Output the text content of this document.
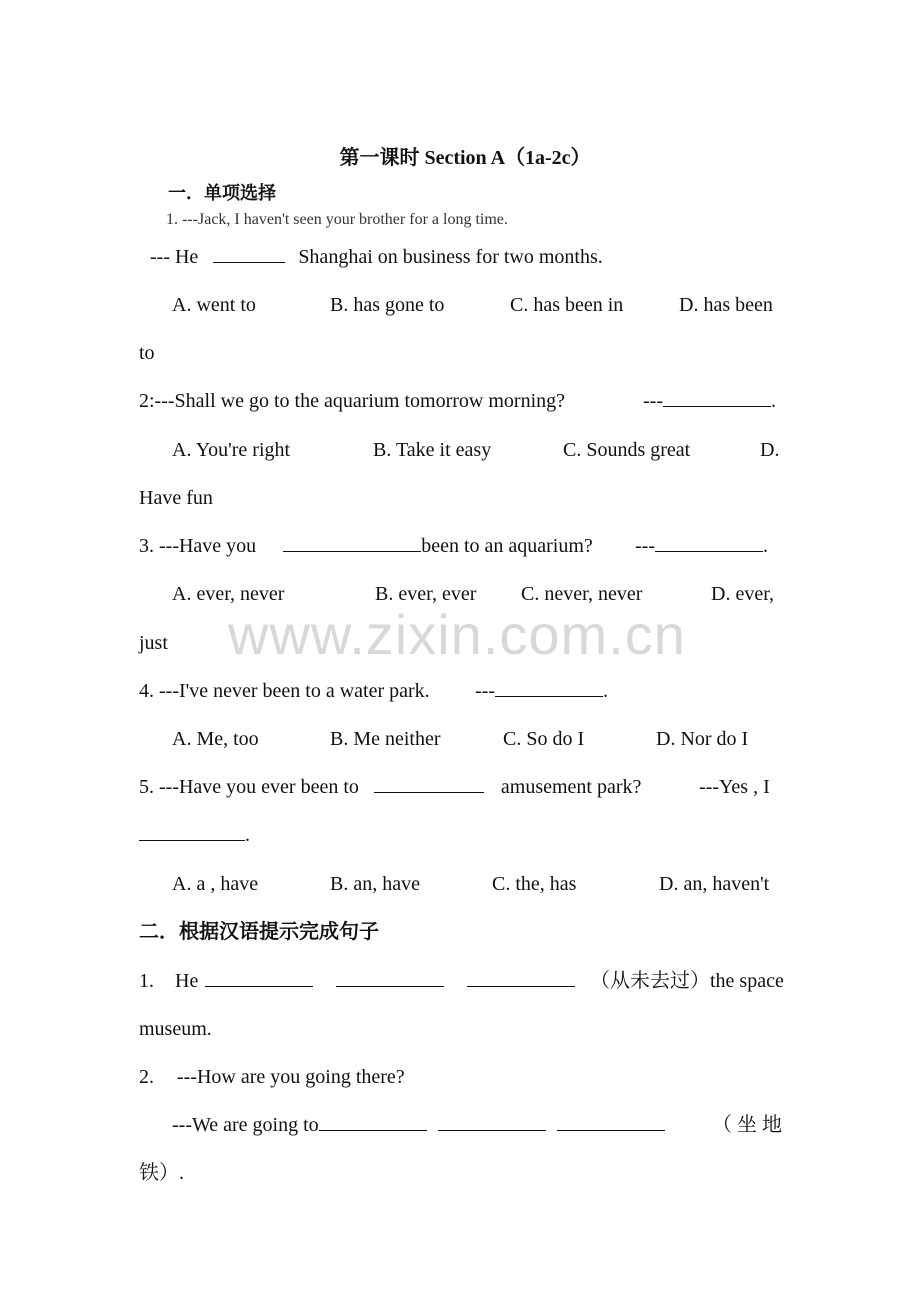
第一课时 Section A（1a-2c）
一．单项选择
1. ---Jack, I haven't seen your brother for a long time.
--- He	Shanghai on business for two months.
A. went to	B. has gone to	C. has been in	D. has been
to
2:---Shall we go to the aquarium tomorrow morning?	---	.
A. You're right	B. Take it easy	C. Sounds great	D.
Have fun
3. ---Have you	been to an aquarium? ---	.
A. ever, never	B. ever, ever C. never, never	D. ever,
just www.zixin.com.cn
4. ---I've never been to a water park. ---	.
A. Me, too	B. Me neither	C. So do I	D. Nor do I
5. ---Have you ever been to	amusement park?	---Yes , I
.
A. a , have	B. an, have	C. the, has	D. an, haven't
二．根据汉语提示完成句子
1. He	（从未去过）the space
museum.
2. ---How are you going there?
---We are going to	（ 坐 地
铁）.
